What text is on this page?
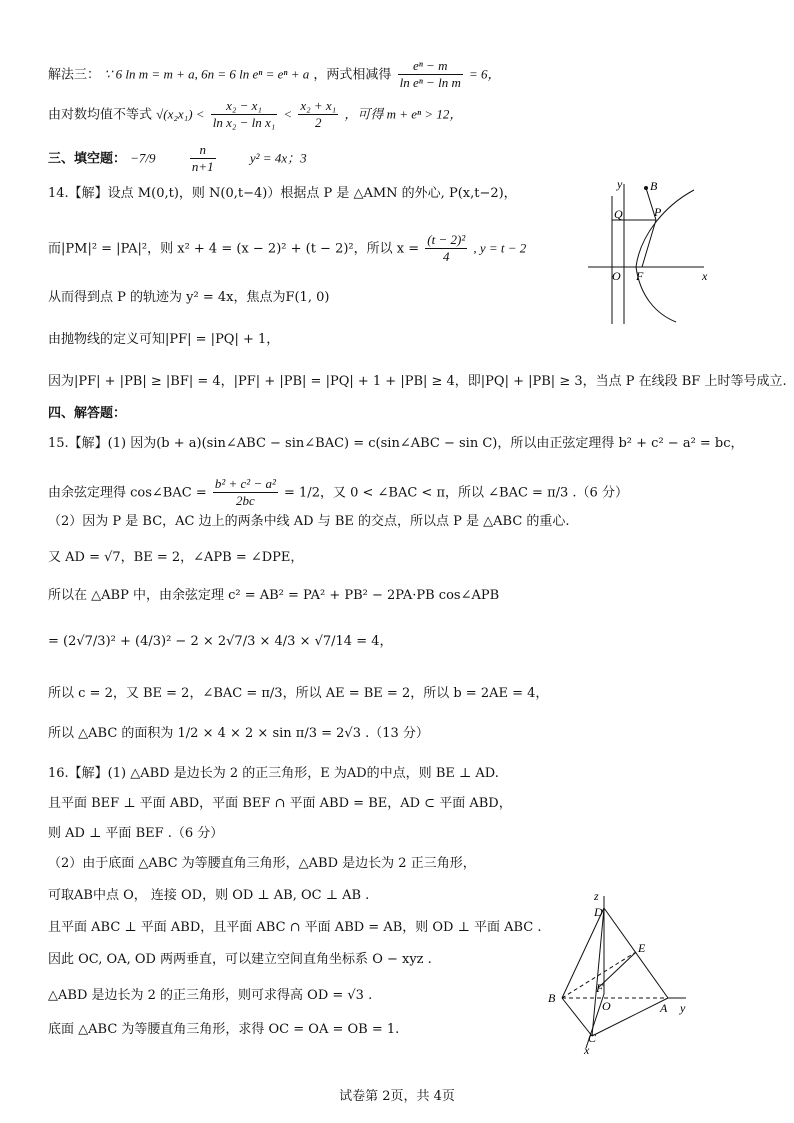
解法三： ∵ 6 ln m = m + a, 6n = 6 ln eⁿ = eⁿ + a ，两式相减得 $\frac{\text{eⁿ − m}}{\text{ln eⁿ − ln m}} = 6$，
由对数均值不等式 $√(x_2x_1) < \frac{\text{x₂ − x₁}}{\text{ln x₂ − ln x₁}} < \frac{\text{x₂ + x₁}}{2}$ ，可得 m + eⁿ > 12，
三、填空题： −7/9	$\frac{n}{n+1}$	y² = 4x；3
14.【解】设点 M(0,t)，则 N(0,t−4)）根据点 P 是 △AMN 的外心, P(x,t−2)，
而|PM|² = |PA|²，则 x² + 4 = (x − 2)² + (t − 2)²，所以 $x = \frac{\text{(t − 2)²}}{4}$ , y = t − 2
从而得到点 P 的轨迹为 y² = 4x，焦点为F(1, 0)
由抛物线的定义可知|PF| = |PQ| + 1，
因为|PF| + |PB| ≥ |BF| = 4，|PF| + |PB| = |PQ| + 1 + |PB| ≥ 4，即|PQ| + |PB| ≥ 3，当点 P 在线段 BF 上时等号成立.
四、解答题：
15.【解】(1) 因为(b + a)(sin∠ABC − sin∠BAC) = c(sin∠ABC − sin C)，所以由正弦定理得 b² + c² − a² = bc，
由余弦定理得 cos∠BAC = $\frac{\text{b² + c² − a²}}{2bc} = 1/2$，又 0 < ∠BAC < π，所以 ∠BAC = π/3 .（6 分）
（2）因为 P 是 BC，AC 边上的两条中线 AD 与 BE 的交点，所以点 P 是 △ABC 的重心.
又 AD = √7，BE = 2，∠APB = ∠DPE，
所以在 △ABP 中，由余弦定理 c² = AB² = PA² + PB² − 2PA·PB cos∠APB
= (2√7/3)² + (4/3)² − 2 × 2√7/3 × 4/3 × √7/14 = 4，
所以 c = 2，又 BE = 2，∠BAC = π/3，所以 AE = BE = 2，所以 b = 2AE = 4，
所以 △ABC 的面积为 1/2 × 4 × 2 × sin π/3 = 2√3 .（13 分）
16.【解】(1) △ABD 是边长为 2 的正三角形，E 为AD的中点，则 BE ⊥ AD.
且平面 BEF ⊥ 平面 ABD，平面 BEF ∩ 平面 ABD = BE，AD ⊂ 平面 ABD，
则 AD ⊥ 平面 BEF .（6 分）
（2）由于底面 △ABC 为等腰直角三角形，△ABD 是边长为 2 正三角形，
可取AB中点 O， 连接 OD，则 OD ⊥ AB, OC ⊥ AB .
且平面 ABC ⊥ 平面 ABD，且平面 ABC ∩ 平面 ABD = AB，则 OD ⊥ 平面 ABC .
因此 OC, OA, OD 两两垂直，可以建立空间直角坐标系 O − xyz .
△ABD 是边长为 2 的正三角形，则可求得高 OD = √3 .
底面 △ABC 为等腰直角三角形，求得 OC = OA = OB = 1.
y B
Q	P
O F	x
z
D
E
B
F
O	A y
C
x
试卷第 2页，共 4页
